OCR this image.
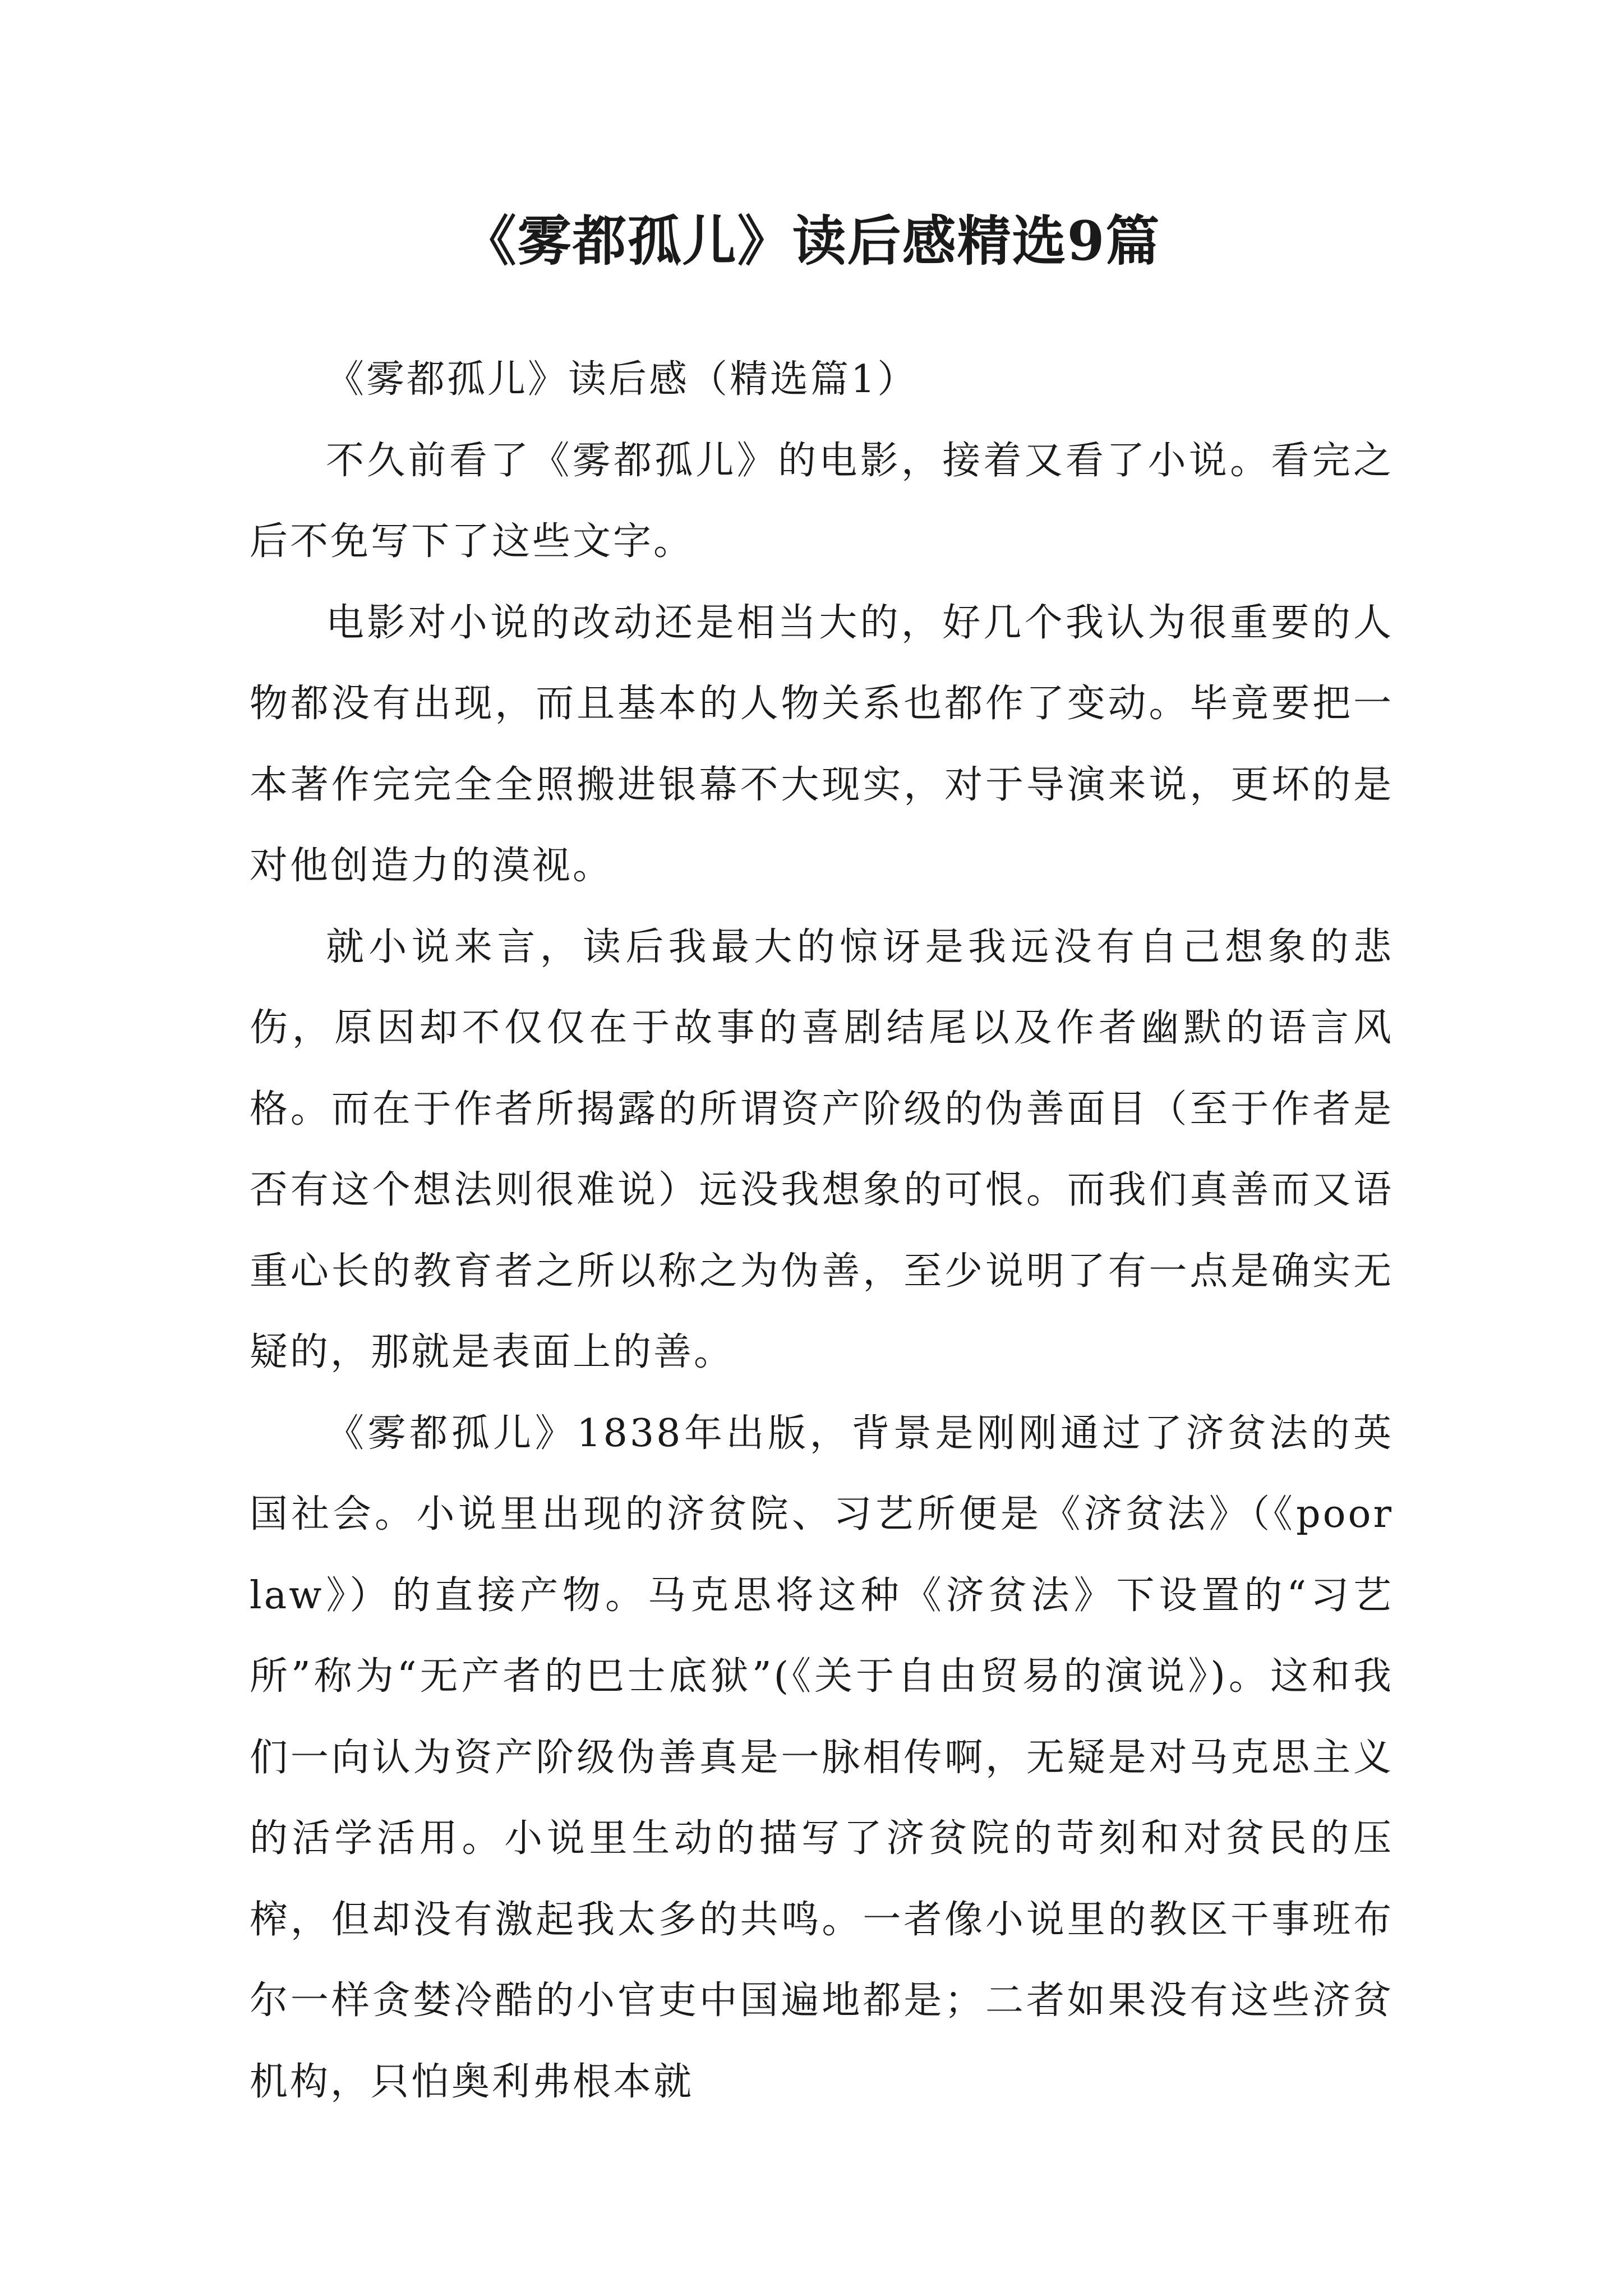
《雾都孤儿》读后感精选9篇

《雾都孤儿》读后感（精选篇1）

不久前看了《雾都孤儿》的电影，接着又看了小说。看完之后不免写下了这些文字。

电影对小说的改动还是相当大的，好几个我认为很重要的人物都没有出现，而且基本的人物关系也都作了变动。毕竟要把一本著作完完全全照搬进银幕不大现实，对于导演来说，更坏的是对他创造力的漠视。

就小说来言，读后我最大的惊讶是我远没有自己想象的悲伤，原因却不仅仅在于故事的喜剧结尾以及作者幽默的语言风格。而在于作者所揭露的所谓资产阶级的伪善面目（至于作者是否有这个想法则很难说）远没我想象的可恨。而我们真善而又语重心长的教育者之所以称之为伪善，至少说明了有一点是确实无疑的，那就是表面上的善。

《雾都孤儿》1838年出版，背景是刚刚通过了济贫法的英国社会。小说里出现的济贫院、习艺所便是《济贫法》（《poor law》）的直接产物。马克思将这种《济贫法》下设置的“习艺所”称为“无产者的巴士底狱”(《关于自由贸易的演说》)。这和我们一向认为资产阶级伪善真是一脉相传啊，无疑是对马克思主义的活学活用。小说里生动的描写了济贫院的苛刻和对贫民的压榨，但却没有激起我太多的共鸣。一者像小说里的教区干事班布尔一样贪婪冷酷的小官吏中国遍地都是；二者如果没有这些济贫机构，只怕奥利弗根本就
